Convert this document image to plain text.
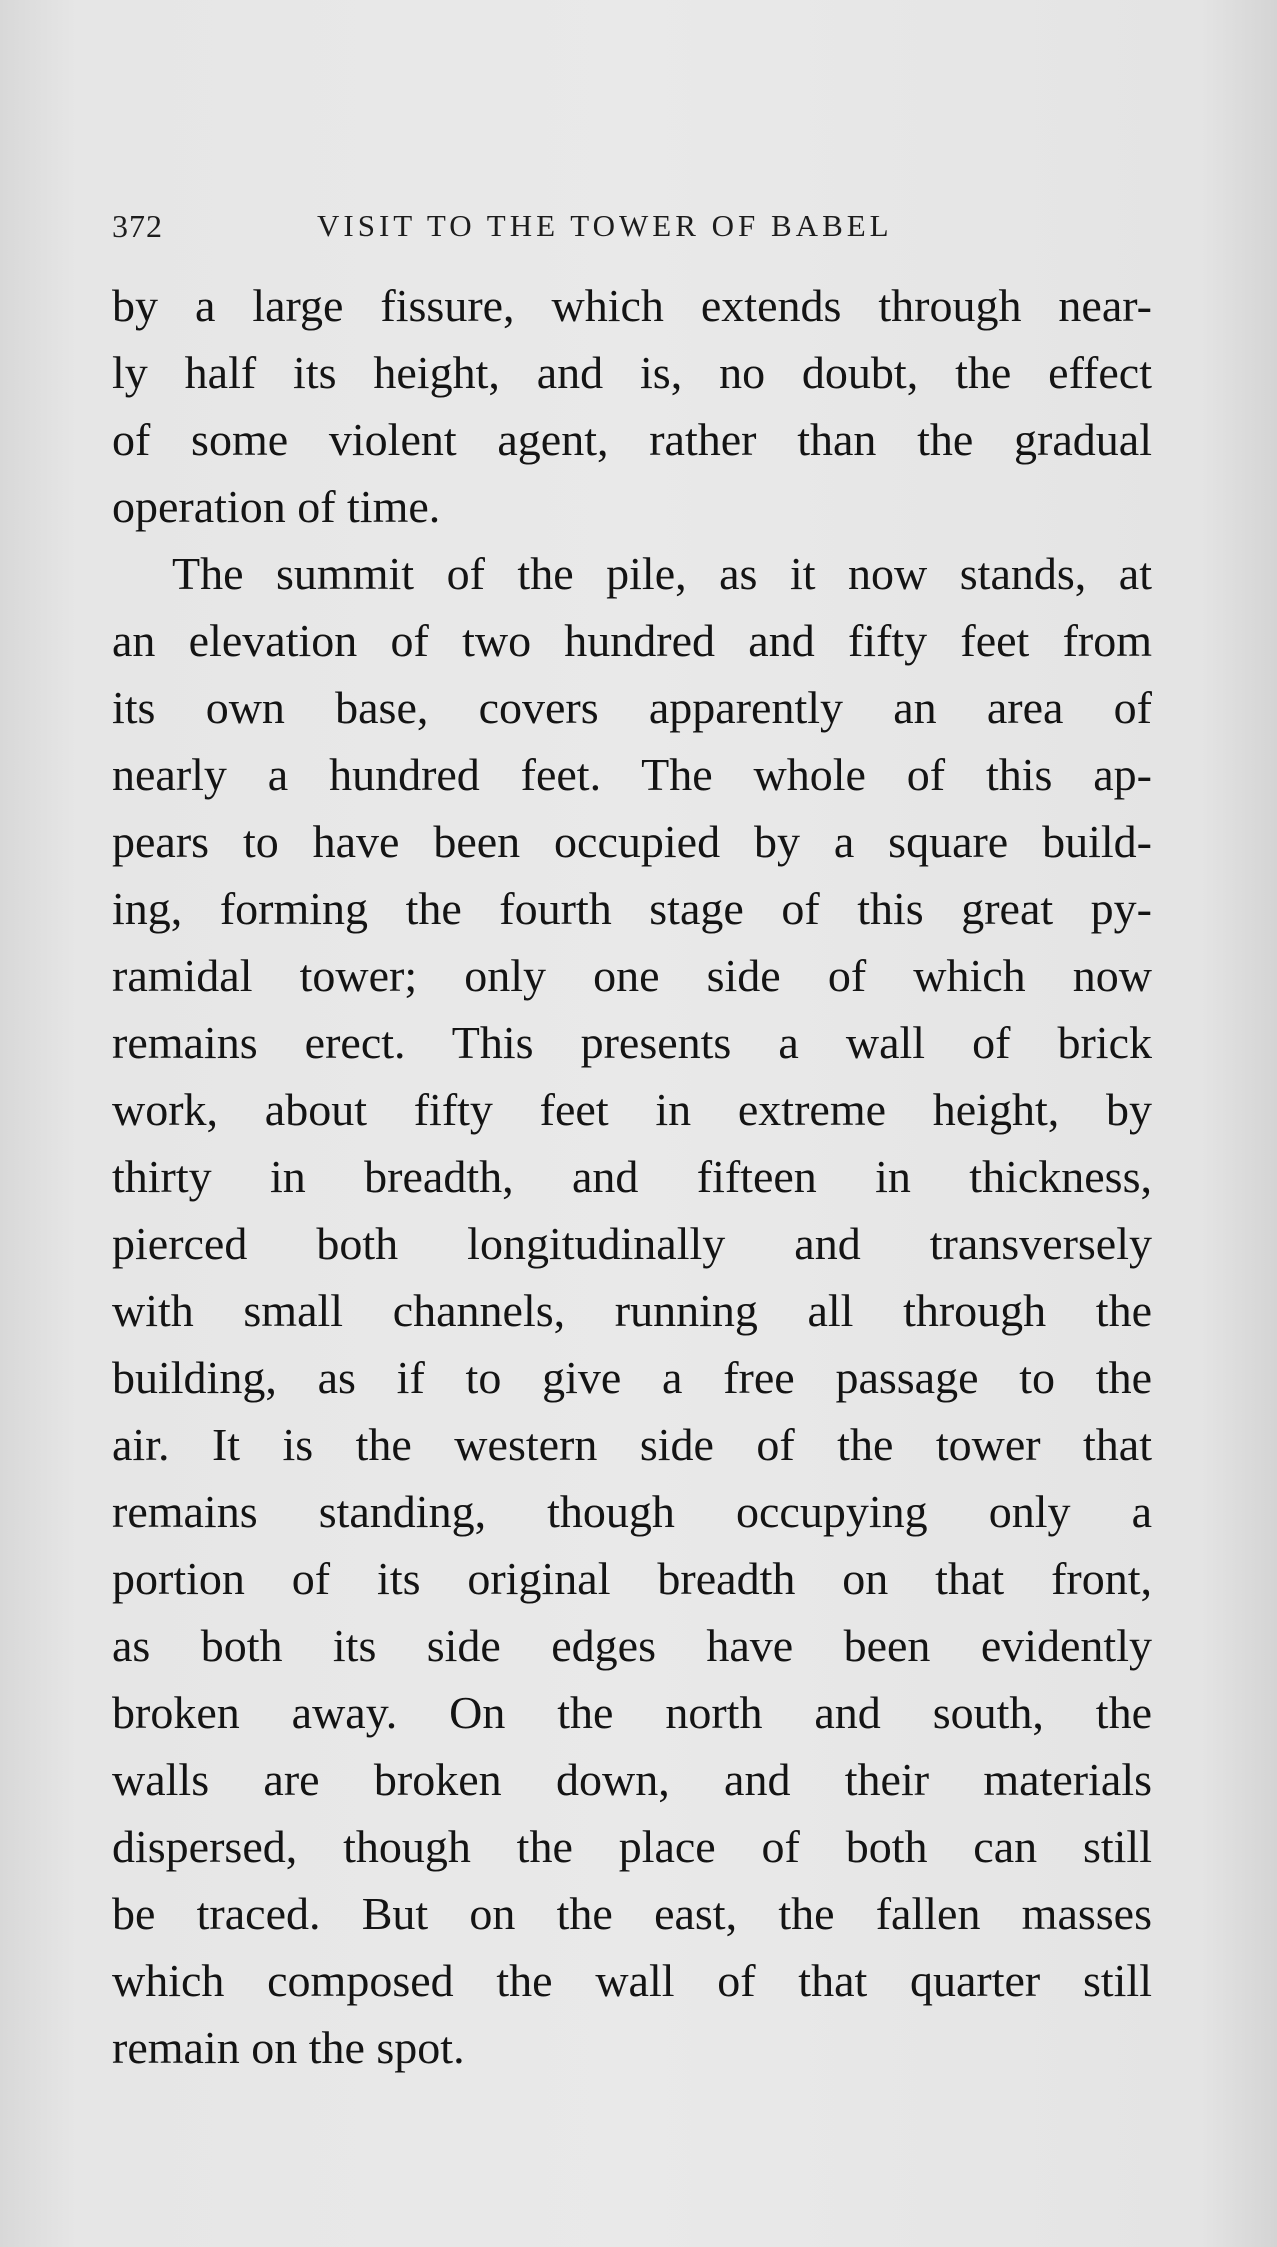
372	VISIT TO THE TOWER OF BABEL
by a large fissure, which extends through near-
ly half its height, and is, no doubt, the effect
of some violent agent, rather than the gradual
operation of time.
The summit of the pile, as it now stands, at
an elevation of two hundred and fifty feet from
its own base, covers apparently an area of
nearly a hundred feet. The whole of this ap-
pears to have been occupied by a square build-
ing, forming the fourth stage of this great py-
ramidal tower; only one side of which now
remains erect. This presents a wall of brick
work, about fifty feet in extreme height, by
thirty in breadth, and fifteen in thickness,
pierced both longitudinally and transversely
with small channels, running all through the
building, as if to give a free passage to the
air. It is the western side of the tower that
remains standing, though occupying only a
portion of its original breadth on that front,
as both its side edges have been evidently
broken away. On the north and south, the
walls are broken down, and their materials
dispersed, though the place of both can still
be traced. But on the east, the fallen masses
which composed the wall of that quarter still
remain on the spot.
